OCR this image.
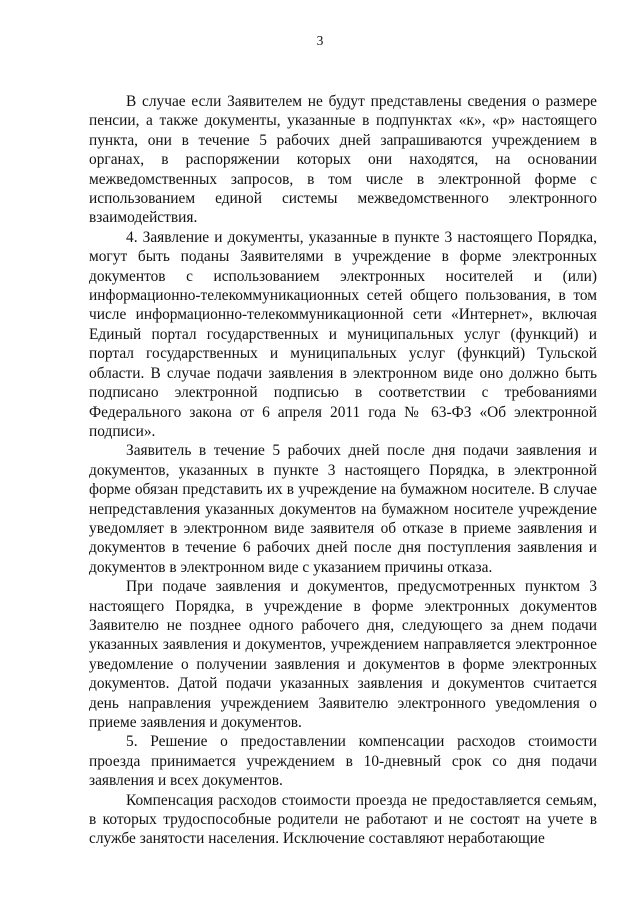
3

В случае если Заявителем не будут представлены сведения о размере пенсии, а также документы, указанные в подпунктах «к», «р» настоящего пункта, они в течение 5 рабочих дней запрашиваются учреждением в органах, в распоряжении которых они находятся, на основании межведомственных запросов, в том числе в электронной форме с использованием единой системы межведомственного электронного взаимодействия.

4. Заявление и документы, указанные в пункте 3 настоящего Порядка, могут быть поданы Заявителями в учреждение в форме электронных документов с использованием электронных носителей и (или) информационно-телекоммуникационных сетей общего пользования, в том числе информационно-телекоммуникационной сети «Интернет», включая Единый портал государственных и муниципальных услуг (функций) и портал государственных и муниципальных услуг (функций) Тульской области. В случае подачи заявления в электронном виде оно должно быть подписано электронной подписью в соответствии с требованиями Федерального закона от 6 апреля 2011 года № 63-ФЗ «Об электронной подписи».

Заявитель в течение 5 рабочих дней после дня подачи заявления и документов, указанных в пункте 3 настоящего Порядка, в электронной форме обязан представить их в учреждение на бумажном носителе. В случае непредставления указанных документов на бумажном носителе учреждение уведомляет в электронном виде заявителя об отказе в приеме заявления и документов в течение 6 рабочих дней после дня поступления заявления и документов в электронном виде с указанием причины отказа.

При подаче заявления и документов, предусмотренных пунктом 3 настоящего Порядка, в учреждение в форме электронных документов Заявителю не позднее одного рабочего дня, следующего за днем подачи указанных заявления и документов, учреждением направляется электронное уведомление о получении заявления и документов в форме электронных документов. Датой подачи указанных заявления и документов считается день направления учреждением Заявителю электронного уведомления о приеме заявления и документов.

5. Решение о предоставлении компенсации расходов стоимости проезда принимается учреждением в 10-дневный срок со дня подачи заявления и всех документов.

Компенсация расходов стоимости проезда не предоставляется семьям, в которых трудоспособные родители не работают и не состоят на учете в службе занятости населения. Исключение составляют неработающие
